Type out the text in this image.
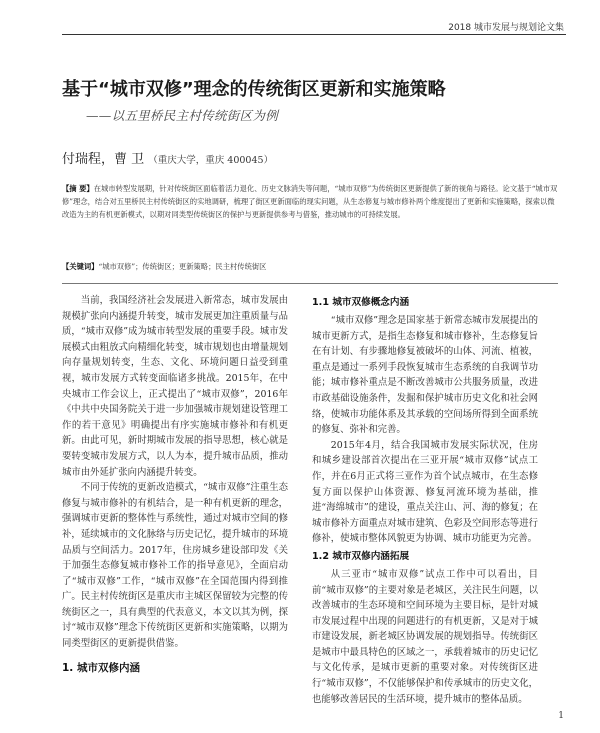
2018 城市发展与规划论文集
基于“城市双修”理念的传统街区更新和实施策略

——以五里桥民主村传统街区为例

付瑞程，曹 卫 （重庆大学，重庆 400045）

【摘 要】在城市转型发展期，针对传统街区面临着活力退化、历史文脉消失等问题，“城市双修”为传统街区更新提供了新的视角与路径。论文基于“城市双修”理念，结合对五里桥民主村传统街区的实地调研，梳理了街区更新面临的现实问题，从生态修复与城市修补两个维度提出了更新和实施策略，探索以微改造为主的有机更新模式，以期对同类型传统街区的保护与更新提供参考与借鉴，推动城市的可持续发展。

【关键词】“城市双修”；传统街区；更新策略；民主村传统街区

当前，我国经济社会发展进入新常态，城市发展由规模扩张向内涵提升转变，城市发展更加注重质量与品质，“城市双修”成为城市转型发展的重要手段。城市发展模式由粗放式向精细化转变，城市规划也由增量规划向存量规划转变，生态、文化、环境问题日益受到重视，城市发展方式转变面临诸多挑战。2015年，在中央城市工作会议上，正式提出了“城市双修”，2016年《中共中央国务院关于进一步加强城市规划建设管理工作的若干意见》明确提出有序实施城市修补和有机更新。由此可见，新时期城市发展的指导思想，核心就是要转变城市发展方式，以人为本，提升城市品质，推动城市由外延扩张向内涵提升转变。

不同于传统的更新改造模式，“城市双修”注重生态修复与城市修补的有机结合，是一种有机更新的理念，强调城市更新的整体性与系统性，通过对城市空间的修补，延续城市的文化脉络与历史记忆，提升城市的环境品质与空间活力。2017年，住房城乡建设部印发《关于加强生态修复城市修补工作的指导意见》，全面启动了“城市双修”工作，“城市双修”在全国范围内得到推广。民主村传统街区是重庆市主城区保留较为完整的传统街区之一，具有典型的代表意义，本文以其为例，探讨“城市双修”理念下传统街区更新和实施策略，以期为同类型街区的更新提供借鉴。

1. 城市双修内涵
1.1 城市双修概念内涵

“城市双修”理念是国家基于新常态城市发展提出的城市更新方式，是指生态修复和城市修补，生态修复旨在有计划、有步骤地修复被破坏的山体、河流、植被，重点是通过一系列手段恢复城市生态系统的自我调节功能；城市修补重点是不断改善城市公共服务质量，改进市政基础设施条件，发掘和保护城市历史文化和社会网络，使城市功能体系及其承载的空间场所得到全面系统的修复、弥补和完善。

2015年4月，结合我国城市发展实际状况，住房和城乡建设部首次提出在三亚开展“城市双修”试点工作，并在6月正式将三亚作为首个试点城市，在生态修复方面以保护山体资源、修复河流环境为基础，推进“海绵城市”的建设，重点关注山、河、海的修复；在城市修补方面重点对城市建筑、色彩及空间形态等进行修补，使城市整体风貌更为协调、城市功能更为完善。

1.2 城市双修内涵拓展

从三亚市“城市双修”试点工作中可以看出，目前“城市双修”的主要对象是老城区，关注民生问题，以改善城市的生态环境和空间环境为主要目标，是针对城市发展过程中出现的问题进行的有机更新，又是对于城市建设发展，新老城区协调发展的规划指导。传统街区是城市中最具特色的区域之一，承载着城市的历史记忆与文化传承，是城市更新的重要对象。对传统街区进行“城市双修”，不仅能够保护和传承城市的历史文化，也能够改善居民的生活环境，提升城市的整体品质。

1
